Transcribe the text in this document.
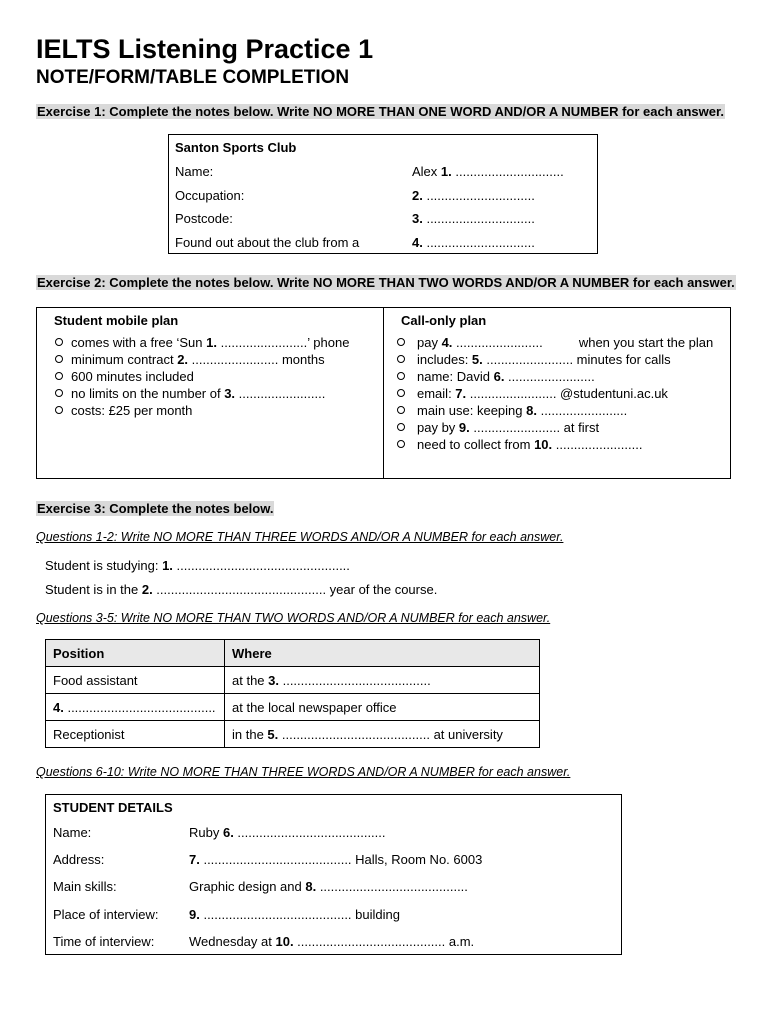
IELTS Listening Practice 1
NOTE/FORM/TABLE COMPLETION
Exercise 1: Complete the notes below. Write NO MORE THAN ONE WORD AND/OR A NUMBER for each answer.
Santon Sports Club
Name:	Alex 1. ..............................
Occupation:	2. ..............................
Postcode:	3. ..............................
Found out about the club from a	4. ..............................
Exercise 2: Complete the notes below. Write NO MORE THAN TWO WORDS AND/OR A NUMBER for each answer.
Student mobile plan
comes with a free ‘Sun 1. ........................’ phone
minimum contract 2. ........................ months
600 minutes included
no limits on the number of 3. ........................
costs: £25 per month
Call-only plan
pay 4. ........................          when you start the plan
includes: 5. ........................ minutes for calls
name: David 6. ........................
email: 7. ........................ @studentuni.ac.uk
main use: keeping 8. ........................
pay by 9. ........................ at first
need to collect from 10. ........................
Exercise 3: Complete the notes below.
Questions 1-2: Write NO MORE THAN THREE WORDS AND/OR A NUMBER for each answer.
Student is studying: 1. ................................................
Student is in the 2. ............................................... year of the course.
Questions 3-5: Write NO MORE THAN TWO WORDS AND/OR A NUMBER for each answer.
Position	Where
Food assistant	at the 3. .........................................
4. .........................................	at the local newspaper office
Receptionist	in the 5. ......................................... at university
Questions 6-10: Write NO MORE THAN THREE WORDS AND/OR A NUMBER for each answer.
STUDENT DETAILS
Name:	Ruby 6. .........................................
Address:	7. ......................................... Halls, Room No. 6003
Main skills:	Graphic design and 8. .........................................
Place of interview: 9. ......................................... building
Time of interview:	Wednesday at 10. ......................................... a.m.
